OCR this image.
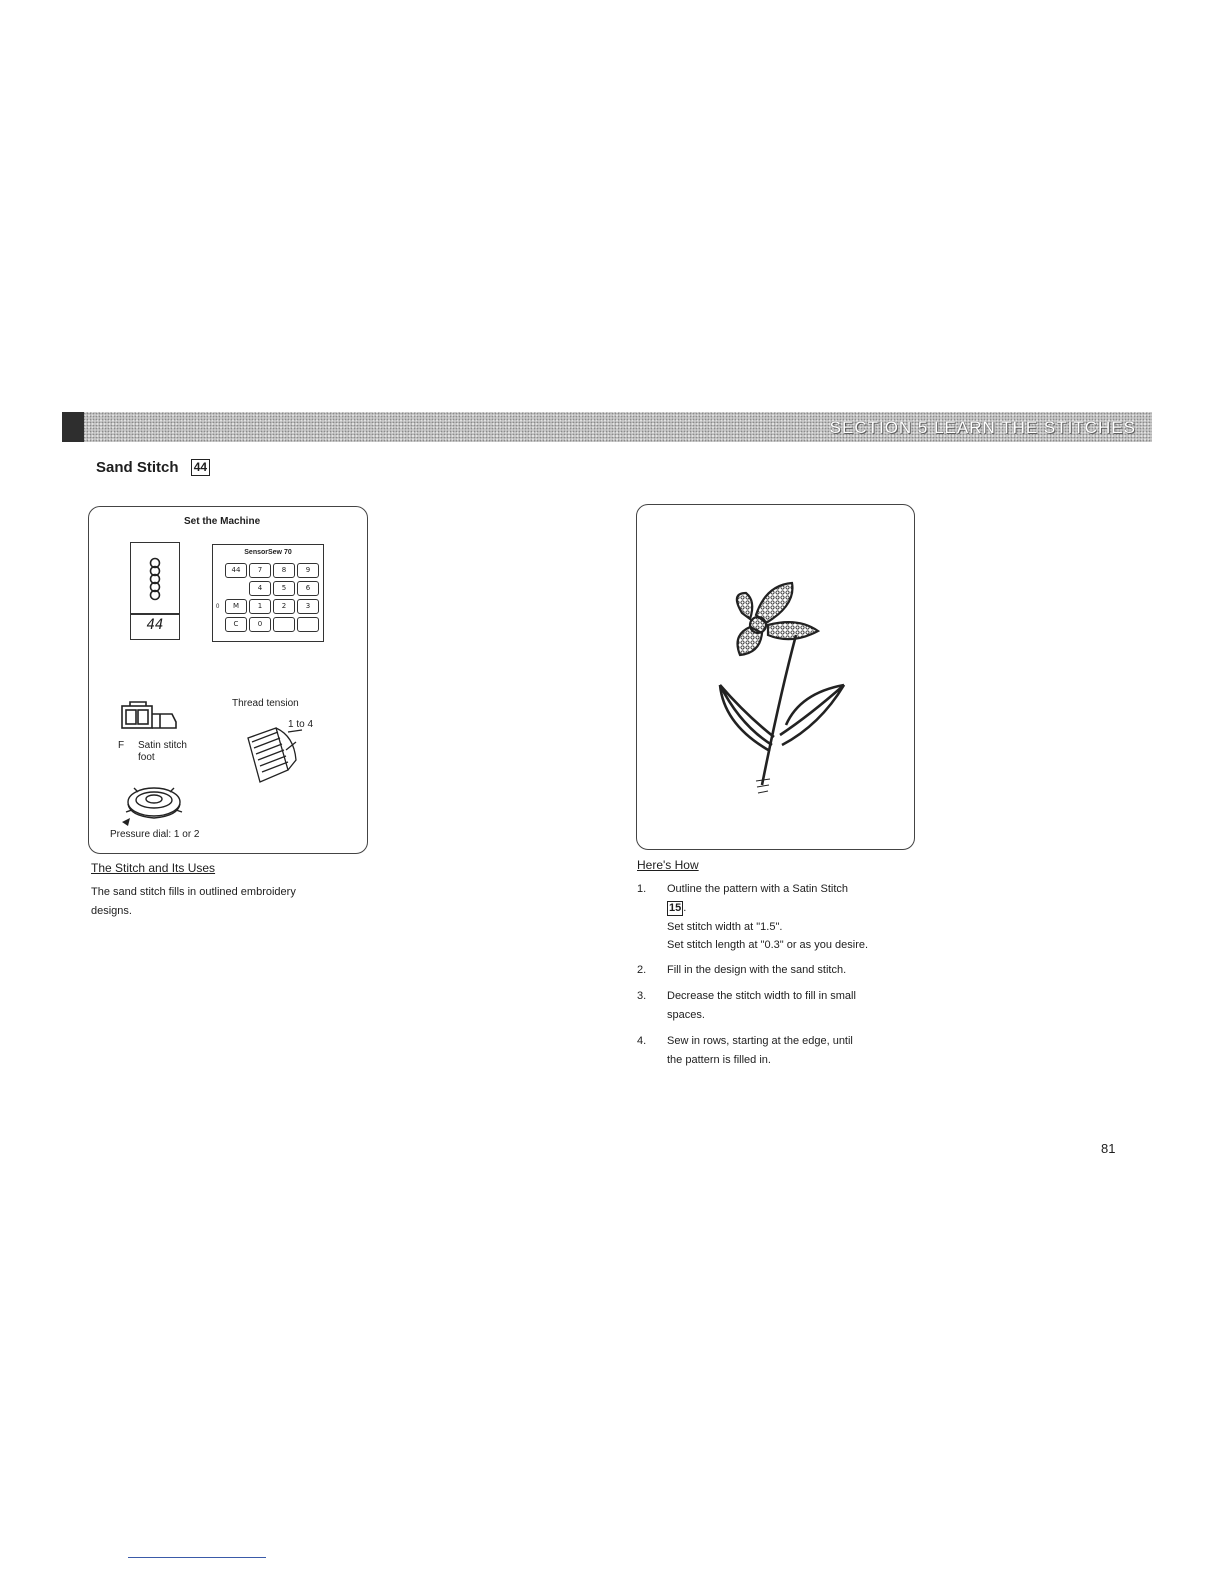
SECTION 5 LEARN THE STITCHES
Sand Stitch 44
Set the Machine
44
SensorSew 70
0
44	7	8	9
4	5	6
M	1	2	3
C	0
F Satin stitch
foot
Thread tension
1 to 4
Pressure dial: 1 or 2
The Stitch and Its Uses
The sand stitch fills in outlined embroidery
designs.
Here's How
1. Outline the pattern with a Satin Stitch
15 .
Set stitch width at "1.5".
Set stitch length at "0.3" or as you desire.
2. Fill in the design with the sand stitch.
3. Decrease the stitch width to fill in small
spaces.
4. Sew in rows, starting at the edge, until
the pattern is filled in.
81
